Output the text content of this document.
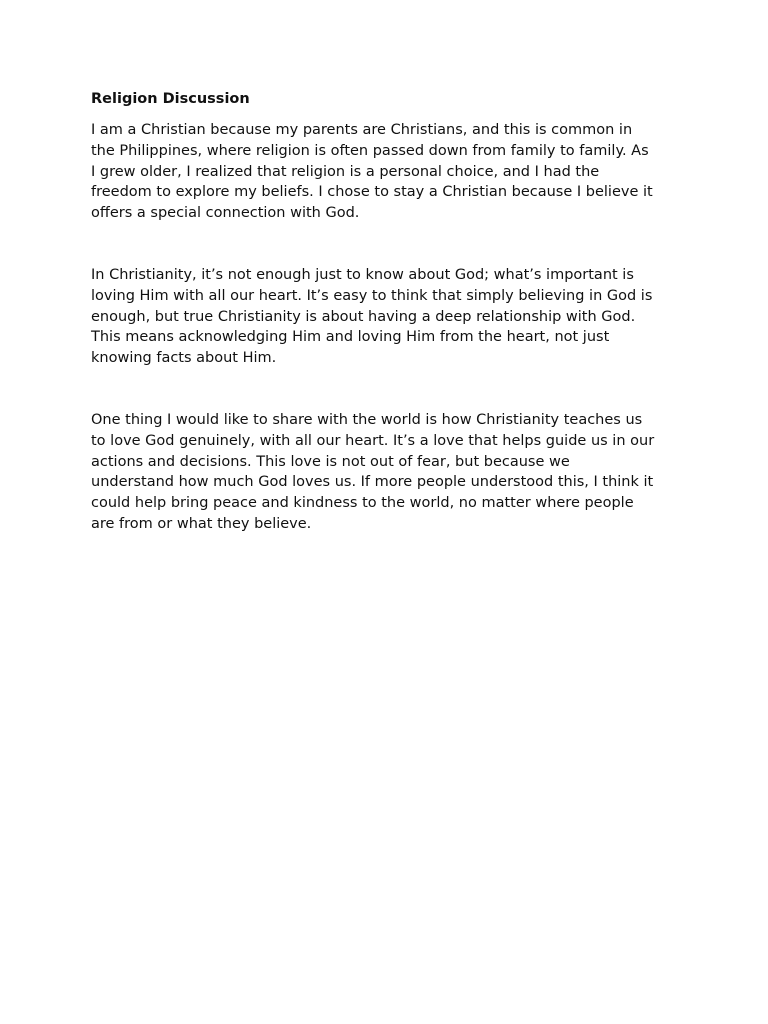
Religion Discussion
I am a Christian because my parents are Christians, and this is common in
the Philippines, where religion is often passed down from family to family. As
I grew older, I realized that religion is a personal choice, and I had the
freedom to explore my beliefs. I chose to stay a Christian because I believe it
offers a special connection with God.
In Christianity, it’s not enough just to know about God; what’s important is
loving Him with all our heart. It’s easy to think that simply believing in God is
enough, but true Christianity is about having a deep relationship with God.
This means acknowledging Him and loving Him from the heart, not just
knowing facts about Him.
One thing I would like to share with the world is how Christianity teaches us
to love God genuinely, with all our heart. It’s a love that helps guide us in our
actions and decisions. This love is not out of fear, but because we
understand how much God loves us. If more people understood this, I think it
could help bring peace and kindness to the world, no matter where people
are from or what they believe.
